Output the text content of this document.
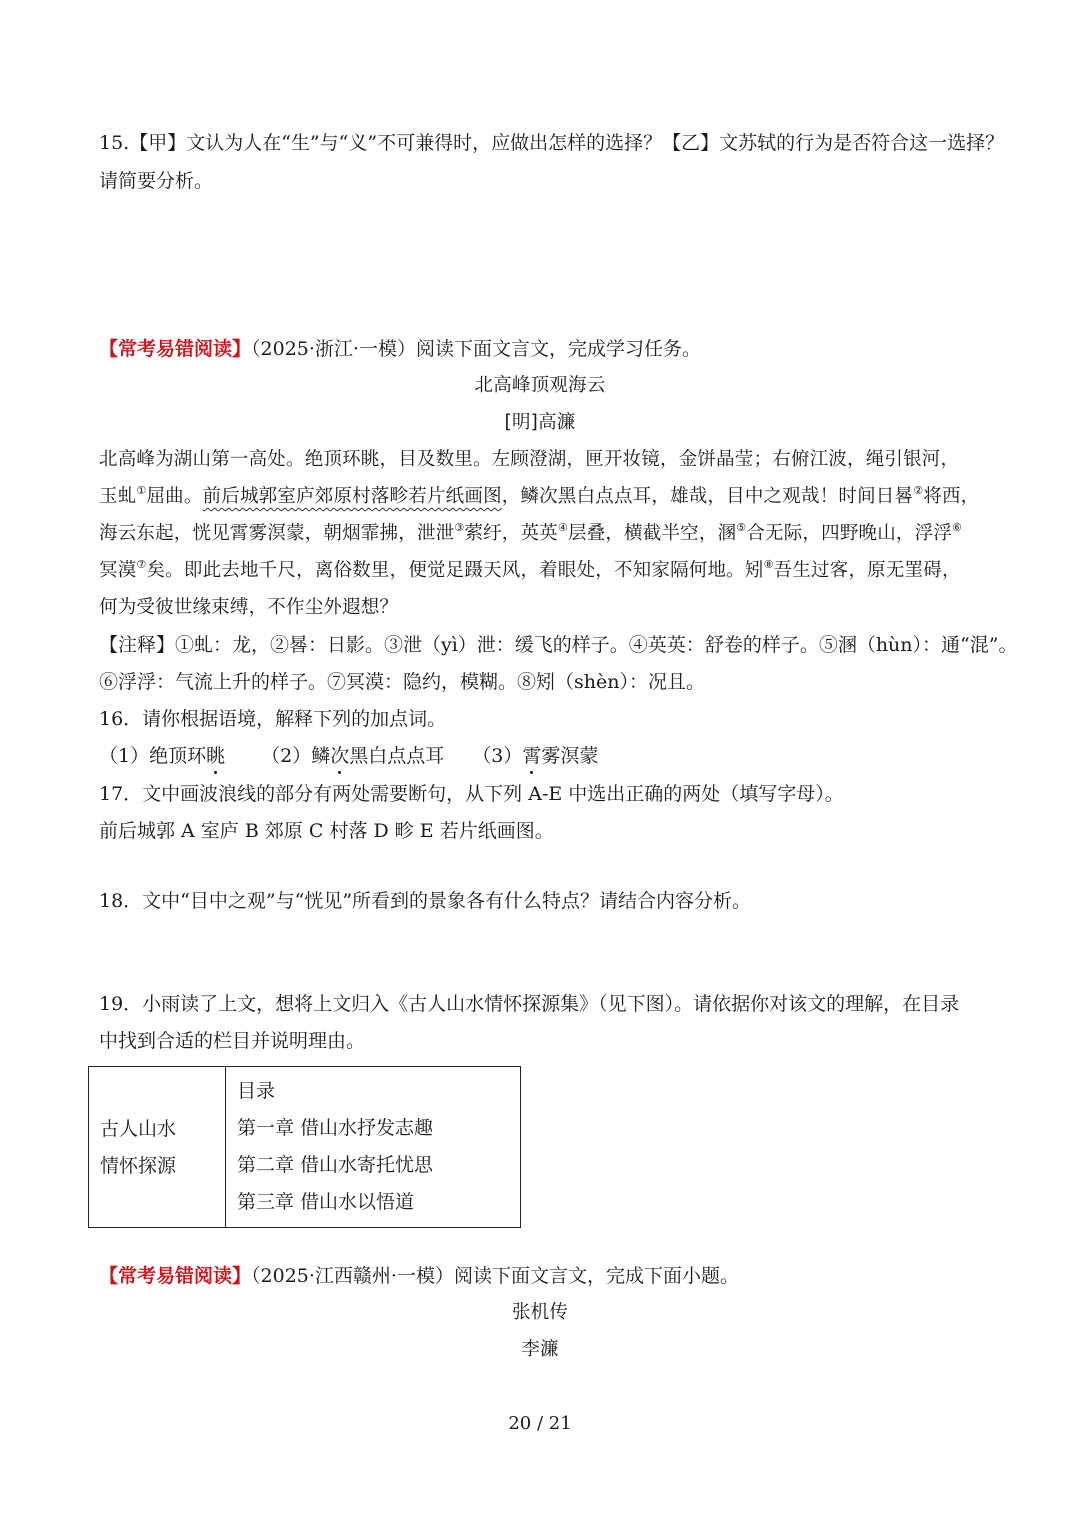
15.【甲】文认为人在“生”与“义”不可兼得时，应做出怎样的选择？【乙】文苏轼的行为是否符合这一选择？
请简要分析。
【常考易错阅读】（2025·浙江·一模）阅读下面文言文，完成学习任务。
北高峰顶观海云
[明]高濂
北高峰为湖山第一高处。绝顶环眺，目及数里。左顾澄湖，匣开妆镜，金饼晶莹；右俯江波，绳引银河，
玉虬①屈曲。前后城郭室庐郊原村落畛若片纸画图，鳞次黑白点点耳，雄哉，目中之观哉！时间日晷②将西，
海云东起，恍见霄雾溟蒙，朝烟霏拂，泄泄③萦纡，英英④层叠，横截半空，溷⑤合无际，四野晚山，浮浮⑥
冥漠⑦矣。即此去地千尺，离俗数里，便觉足蹑天风，着眼处，不知家隔何地。矧⑧吾生过客，原无罣碍，
何为受彼世缘束缚，不作尘外遐想？
【注释】①虬：龙，②晷：日影。③泄（yì）泄：缓飞的样子。④英英：舒卷的样子。⑤溷（hùn）：通“混”。
⑥浮浮：气流上升的样子。⑦冥漠：隐约，模糊。⑧矧（shèn）：况且。
16．请你根据语境，解释下列的加点词。
（1）绝顶环眺 （2）鳞次黑白点点耳 （3）霄雾溟蒙
17．文中画波浪线的部分有两处需要断句，从下列 A-E 中选出正确的两处（填写字母）。
前后城郭 A 室庐 B 郊原 C 村落 D 畛 E 若片纸画图。
18．文中“目中之观”与“恍见”所看到的景象各有什么特点？请结合内容分析。
19．小雨读了上文，想将上文归入《古人山水情怀探源集》（见下图）。请依据你对该文的理解，在目录
中找到合适的栏目并说明理由。
古人山水
情怀探源
目录
第一章 借山水抒发志趣
第二章 借山水寄托忧思
第三章 借山水以悟道
【常考易错阅读】（2025·江西赣州·一模）阅读下面文言文，完成下面小题。
张机传
李濂
20 / 21
